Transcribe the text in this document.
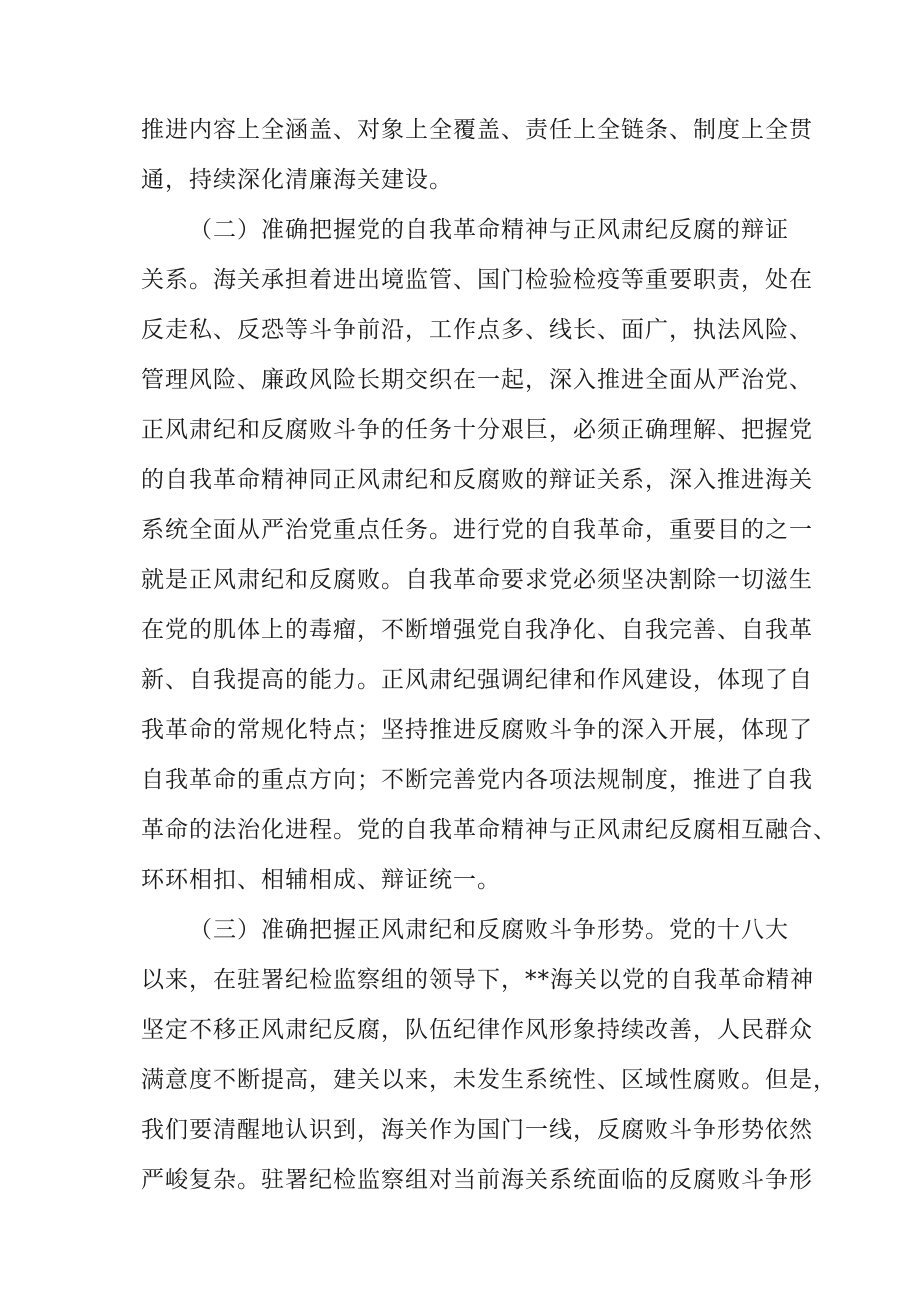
推进内容上全涵盖、对象上全覆盖、责任上全链条、制度上全贯
通，持续深化清廉海关建设。
（二）准确把握党的自我革命精神与正风肃纪反腐的辩证
关系。海关承担着进出境监管、国门检验检疫等重要职责，处在
反走私、反恐等斗争前沿，工作点多、线长、面广，执法风险、
管理风险、廉政风险长期交织在一起，深入推进全面从严治党、
正风肃纪和反腐败斗争的任务十分艰巨，必须正确理解、把握党
的自我革命精神同正风肃纪和反腐败的辩证关系，深入推进海关
系统全面从严治党重点任务。进行党的自我革命，重要目的之一
就是正风肃纪和反腐败。自我革命要求党必须坚决割除一切滋生
在党的肌体上的毒瘤，不断增强党自我净化、自我完善、自我革
新、自我提高的能力。正风肃纪强调纪律和作风建设，体现了自
我革命的常规化特点；坚持推进反腐败斗争的深入开展，体现了
自我革命的重点方向；不断完善党内各项法规制度，推进了自我
革命的法治化进程。党的自我革命精神与正风肃纪反腐相互融合、
环环相扣、相辅相成、辩证统一。
（三）准确把握正风肃纪和反腐败斗争形势。党的十八大
以来，在驻署纪检监察组的领导下，**海关以党的自我革命精神
坚定不移正风肃纪反腐，队伍纪律作风形象持续改善，人民群众
满意度不断提高，建关以来，未发生系统性、区域性腐败。但是，
我们要清醒地认识到，海关作为国门一线，反腐败斗争形势依然
严峻复杂。驻署纪检监察组对当前海关系统面临的反腐败斗争形
